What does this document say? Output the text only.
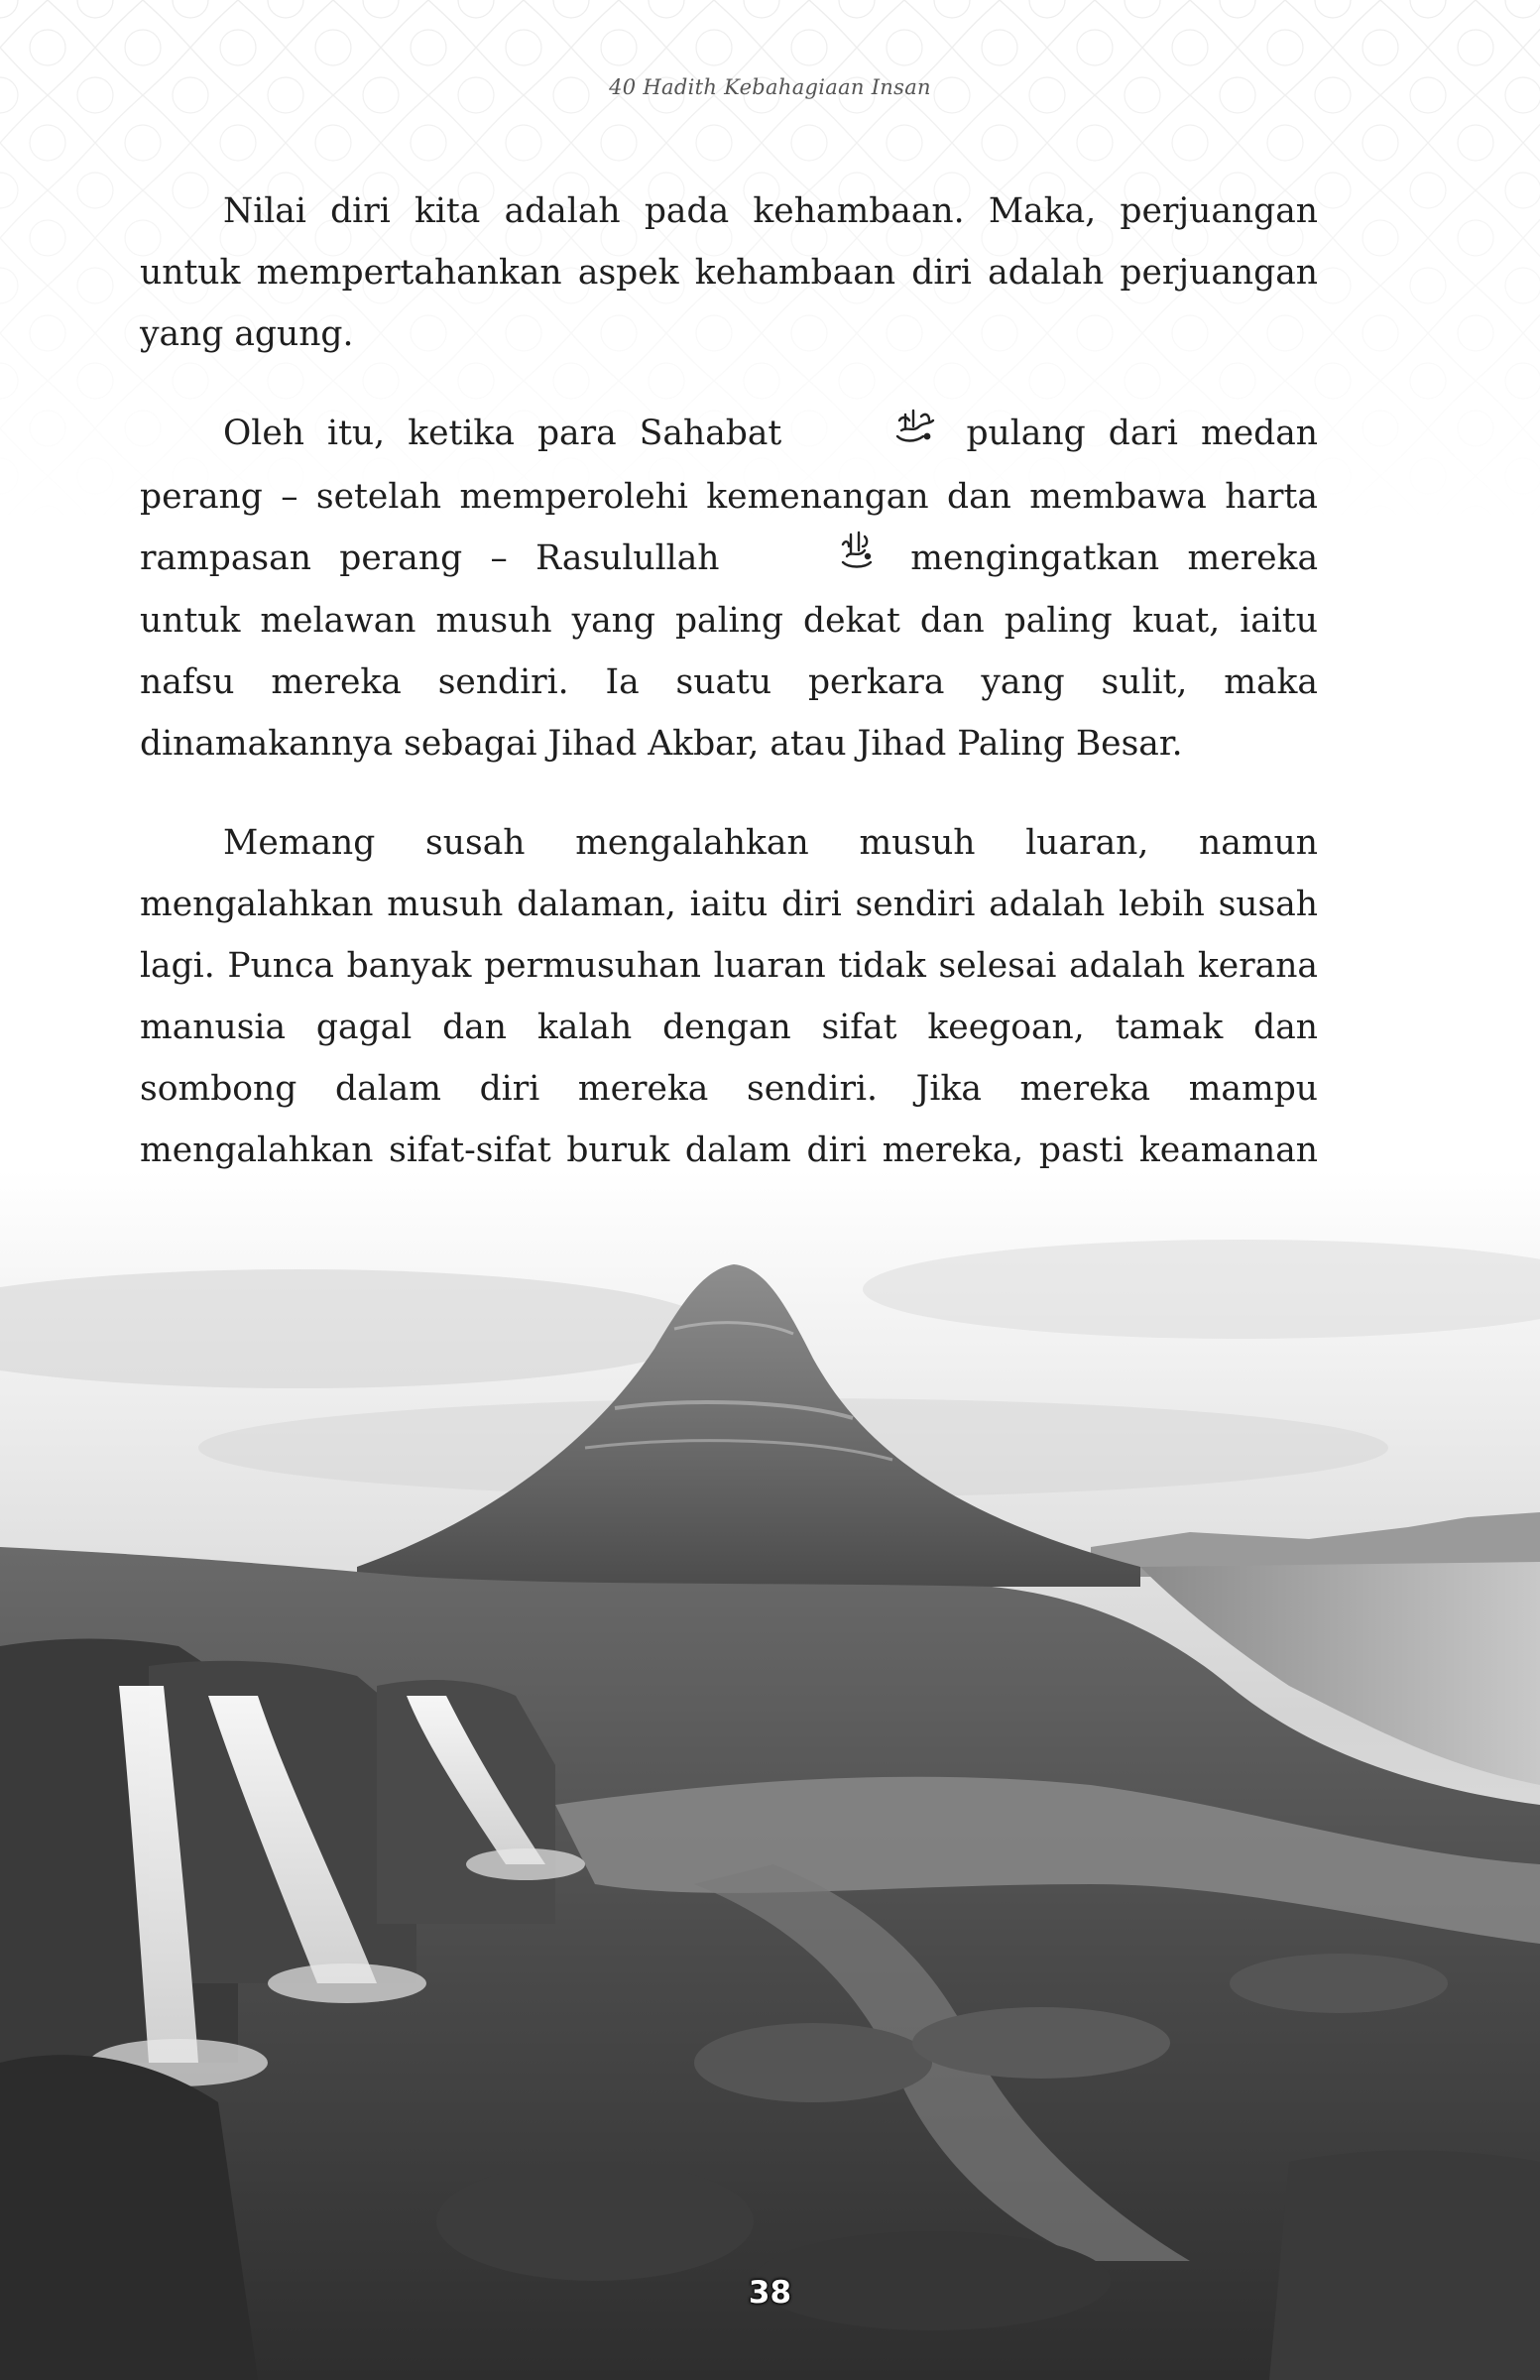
40 Hadith Kebahagiaan Insan

Nilai diri kita adalah pada kehambaan. Maka, perjuangan untuk mempertahankan aspek kehambaan diri adalah perjuangan yang agung.

Oleh itu, ketika para Sahabat	pulang dari medan perang – setelah memperolehi kemenangan dan membawa harta rampasan perang – Rasulullah	mengingatkan mereka untuk melawan musuh yang paling dekat dan paling kuat, iaitu nafsu mereka sendiri. Ia suatu perkara yang sulit, maka dinamakannya sebagai Jihad Akbar, atau Jihad Paling Besar.

Memang susah mengalahkan musuh luaran, namun mengalahkan musuh dalaman, iaitu diri sendiri adalah lebih susah lagi. Punca banyak permusuhan luaran tidak selesai adalah kerana manusia gagal dan kalah dengan sifat keegoan, tamak dan sombong dalam diri mereka sendiri. Jika mereka mampu mengalahkan sifat-sifat buruk dalam diri mereka, pasti keamanan

38
